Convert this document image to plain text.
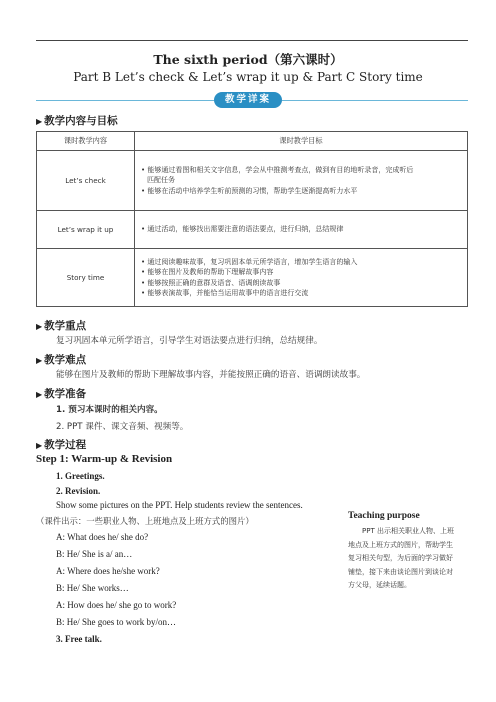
The sixth period（第六课时）
Part B Let’s check & Let’s wrap it up & Part C Story time
教学详案
▶ 教学内容与目标
课时教学内容	课时教学目标
Let’s check	• 能够通过看图和相关文字信息，学会从中推测考查点，做到有目的地听录音，完成听后
匹配任务
• 能够在活动中培养学生听前预测的习惯，帮助学生逐渐提高听力水平

Let’s wrap it up	• 通过活动，能够找出需要注意的语法要点，进行归纳，总结规律

Story time	• 通过阅读趣味故事，复习巩固本单元所学语言，增加学生语言的输入
• 能够在图片及教师的帮助下理解故事内容
• 能够按照正确的意群及语音、语调朗读故事
• 能够表演故事，并能恰当运用故事中的语言进行交流
▶ 教学重点
复习巩固本单元所学语言，引导学生对语法要点进行归纳，总结规律。
▶ 教学难点
能够在图片及教师的帮助下理解故事内容，并能按照正确的语音、语调朗读故事。
▶ 教学准备
1. 预习本课时的相关内容。
2. PPT 课件、课文音频、视频等。
▶ 教学过程
Step 1: Warm-up & Revision
1. Greetings.
2. Revision.
Show some pictures on the PPT. Help students review the sentences.
（课件出示：一些职业人物、上班地点及上班方式的图片）
A: What does he/ she do?
B: He/ She is a/ an…
A: Where does he/she work?
B: He/ She works…
A: How does he/ she go to work?
B: He/ She goes to work by/on…
3. Free talk.
Teaching purpose
PPT 出示相关职业人物、上班地点及上班方式的图片，帮助学生复习相关句型，为后面的学习做好铺垫，接下来由谈论图片到谈论对方父母，延续话题。
